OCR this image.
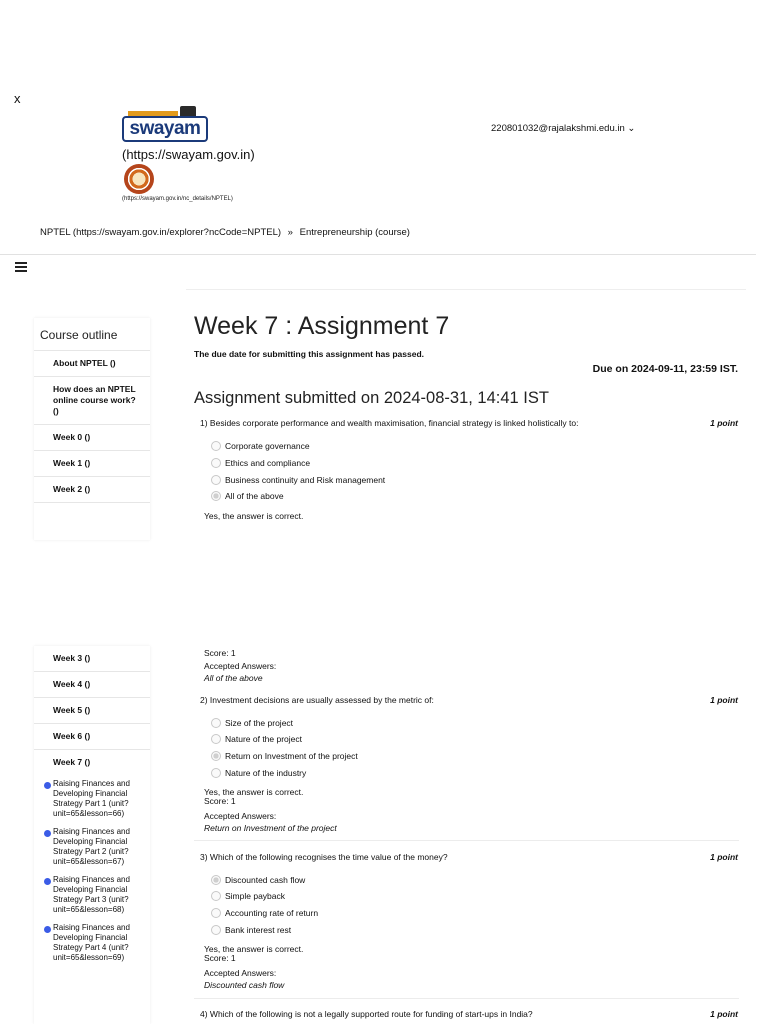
x
swayam
(https://swayam.gov.in)
(https://swayam.gov.in/nc_details/NPTEL)
220801032@rajalakshmi.edu.in ⌄
NPTEL (https://swayam.gov.in/explorer?ncCode=NPTEL) » Entrepreneurship (course)
Course outline
About NPTEL ()
How does an NPTEL online course work? ()
Week 0 ()
Week 1 ()
Week 2 ()
Week 7 : Assignment 7
The due date for submitting this assignment has passed.
Due on 2024-09-11, 23:59 IST.
Assignment submitted on 2024-08-31, 14:41 IST
1) Besides corporate performance and wealth maximisation, financial strategy is linked holistically to:	1 point
Corporate governance
Ethics and compliance
Business continuity and Risk management
All of the above
Yes, the answer is correct.
Week 3 ()
Week 4 ()
Week 5 ()
Week 6 ()
Week 7 ()
Raising Finances and Developing Financial Strategy Part 1 (unit?unit=65&lesson=66)
Raising Finances and Developing Financial Strategy Part 2 (unit?unit=65&lesson=67)
Raising Finances and Developing Financial Strategy Part 3 (unit?unit=65&lesson=68)
Raising Finances and Developing Financial Strategy Part 4 (unit?unit=65&lesson=69)
Score: 1
Accepted Answers:
All of the above
2) Investment decisions are usually assessed by the metric of:	1 point
Size of the project
Nature of the project
Return on Investment of the project
Nature of the industry
Yes, the answer is correct.
Score: 1
Accepted Answers:
Return on Investment of the project
3) Which of the following recognises the time value of the money?	1 point
Discounted cash flow
Simple payback
Accounting rate of return
Bank interest rest
Yes, the answer is correct.
Score: 1
Accepted Answers:
Discounted cash flow
4) Which of the following is not a legally supported route for funding of start-ups in India?	1 point
